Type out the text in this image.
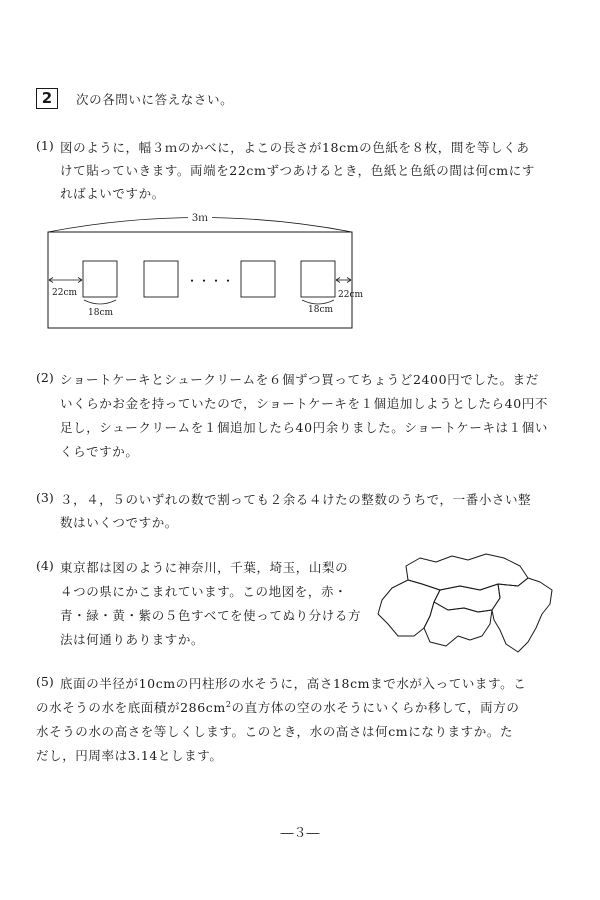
2	次の各問いに答えなさい。
(1) 図のように，幅３ｍのかべに，よこの長さが18cmの色紙を８枚，間を等しくあ
けて貼っていきます。両端を22cmずつあけるとき，色紙と色紙の間は何cmにす
ればよいですか。
3ｍ
・・・・
22cm
18cm
22cm
18cm
(2) ショートケーキとシュークリームを６個ずつ買ってちょうど2400円でした。まだ
いくらかお金を持っていたので，ショートケーキを１個追加しようとしたら40円不
足し，シュークリームを１個追加したら40円余りました。ショートケーキは１個い
くらですか。
(3) ３，４，５のいずれの数で割っても２余る４けたの整数のうちで，一番小さい整
数はいくつですか。
(4) 東京都は図のように神奈川，千葉，埼玉，山梨の
４つの県にかこまれています。この地図を，赤・
青・緑・黄・紫の５色すべてを使ってぬり分ける方
法は何通りありますか。
(5) 底面の半径が10cmの円柱形の水そうに，高さ18cmまで水が入っています。こ
の水そうの水を底面積が$286cm^2$の直方体の空の水そうにいくらか移して，両方の
水そうの水の高さを等しくします。このとき，水の高さは何cmになりますか。た
だし，円周率は3.14とします。
―３―
